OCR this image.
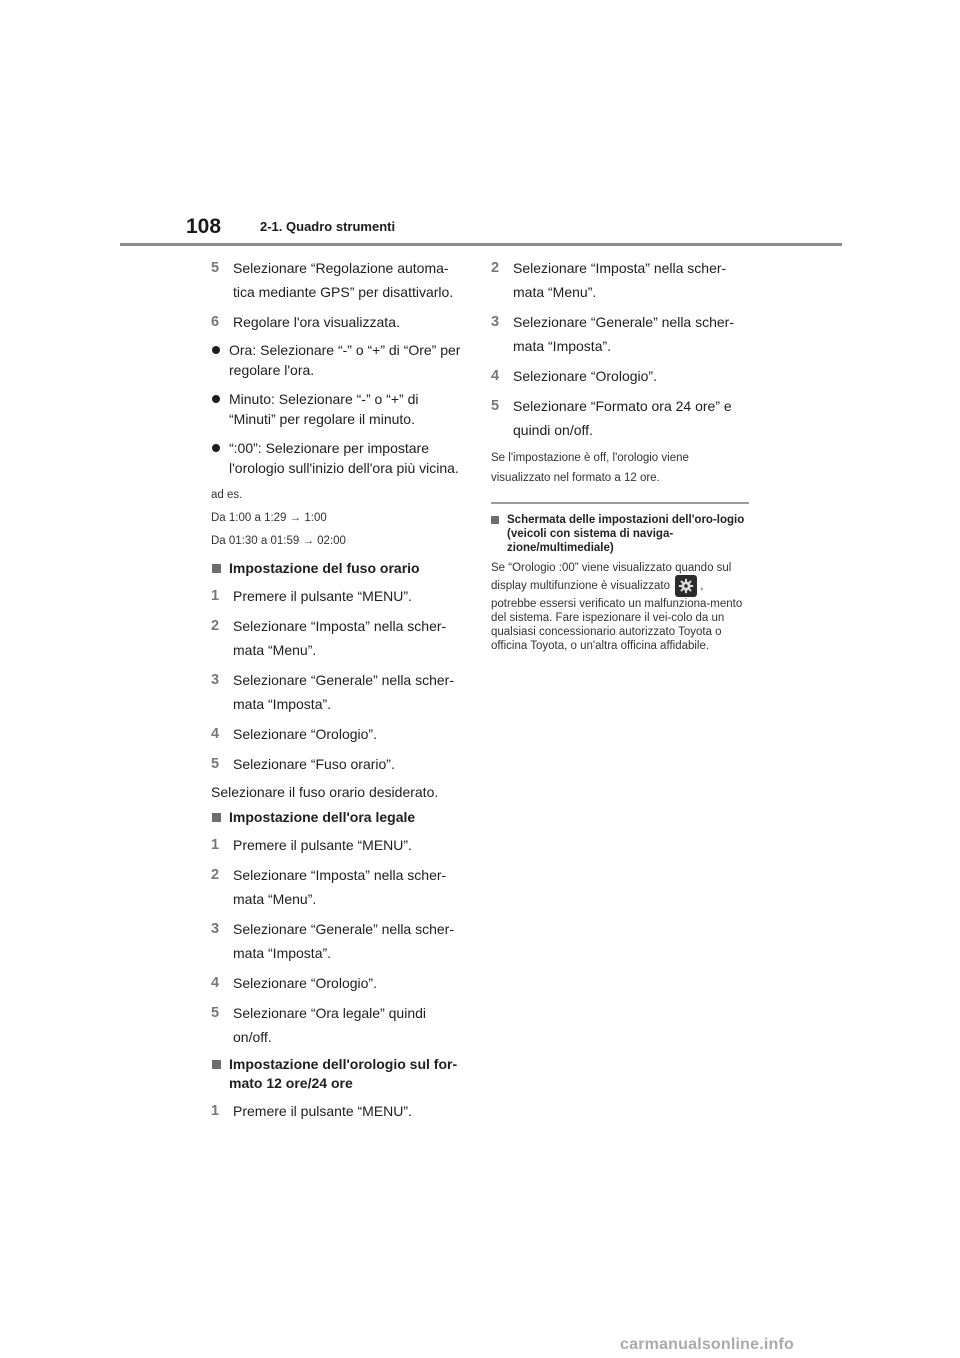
108	2-1. Quadro strumenti
5 Selezionare “Regolazione automa-tica mediante GPS” per disattivarlo.
6 Regolare l'ora visualizzata.
Ora: Selezionare “-” o “+” di “Ore” per regolare l'ora.
Minuto: Selezionare “-” o “+” di “Minuti” per regolare il minuto.
“:00”: Selezionare per impostare l'orologio sull'inizio dell'ora più vicina.
ad es.
Da 1:00 a 1:29 → 1:00
Da 01:30 a 01:59 → 02:00
Impostazione del fuso orario
1 Premere il pulsante “MENU”.
2 Selezionare “Imposta” nella scher-mata “Menu”.
3 Selezionare “Generale” nella scher-mata “Imposta”.
4 Selezionare “Orologio”.
5 Selezionare “Fuso orario”.
Selezionare il fuso orario desiderato.
Impostazione dell'ora legale
1 Premere il pulsante “MENU”.
2 Selezionare “Imposta” nella scher-mata “Menu”.
3 Selezionare “Generale” nella scher-mata “Imposta”.
4 Selezionare “Orologio”.
5 Selezionare “Ora legale” quindi on/off.
Impostazione dell'orologio sul for-mato 12 ore/24 ore
1 Premere il pulsante “MENU”.
2 Selezionare “Imposta” nella scher-mata “Menu”.
3 Selezionare “Generale” nella scher-mata “Imposta”.
4 Selezionare “Orologio”.
5 Selezionare “Formato ora 24 ore” e quindi on/off.
Se l'impostazione è off, l'orologio viene visualizzato nel formato a 12 ore.
Schermata delle impostazioni dell'oro-logio (veicoli con sistema di naviga-zione/multimediale)
Se “Orologio :00” viene visualizzato quando sul display multifunzione è visualizzato	, potrebbe essersi verificato un malfunziona-mento del sistema. Fare ispezionare il vei-colo da un qualsiasi concessionario autorizzato Toyota o officina Toyota, o un'altra officina affidabile.
carmanualsonline.info
